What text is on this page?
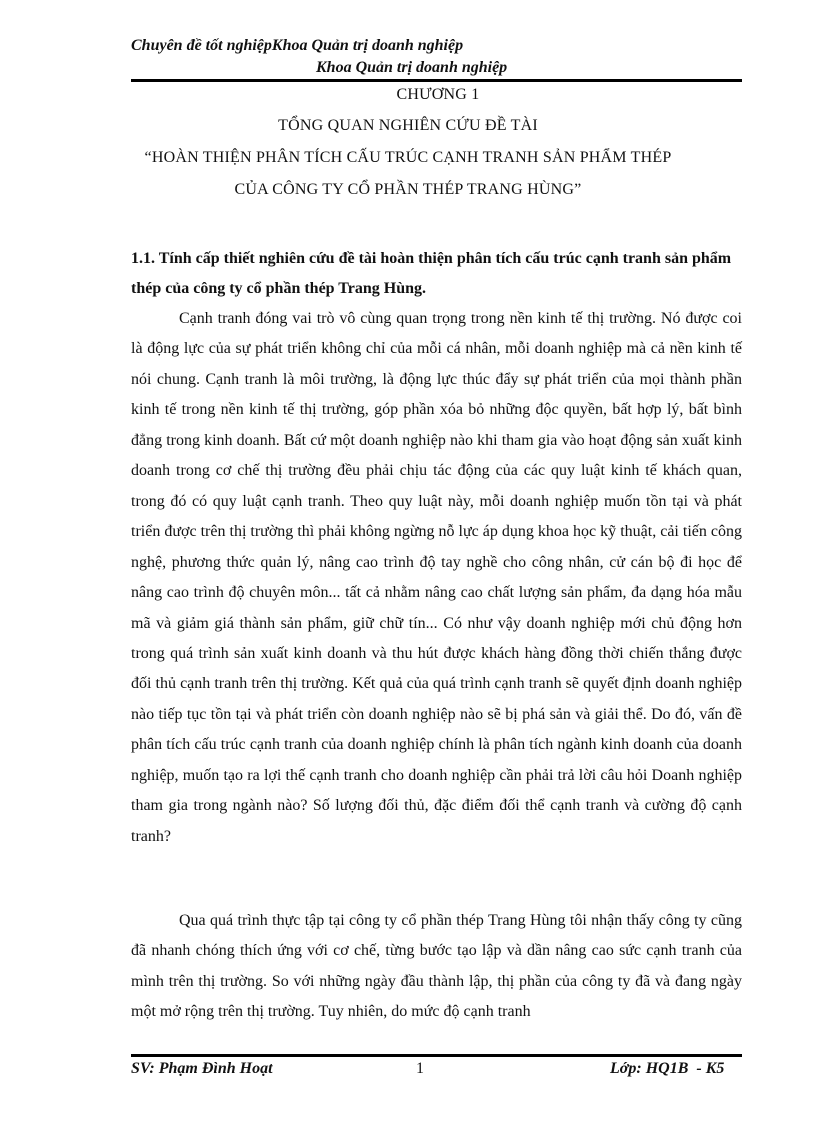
Chuyên đề tốt nghiệpKhoa Quản trị doanh nghiệp
Khoa Quản trị doanh nghiệp
CHƯƠNG 1
TỔNG QUAN NGHIÊN CỨU ĐỀ TÀI
“HOÀN THIỆN PHÂN TÍCH CẤU TRÚC CẠNH TRANH SẢN PHẨM THÉP
CỦA CÔNG TY CỔ PHẦN THÉP TRANG HÙNG”
1.1. Tính cấp thiết nghiên cứu đề tài hoàn thiện phân tích cấu trúc cạnh tranh sản phẩm thép của công ty cổ phần thép Trang Hùng.

Cạnh tranh đóng vai trò vô cùng quan trọng trong nền kinh tế thị trường. Nó được coi là động lực của sự phát triển không chỉ của mỗi cá nhân, mỗi doanh nghiệp mà cả nền kinh tế nói chung. Cạnh tranh là môi trường, là động lực thúc đẩy sự phát triển của mọi thành phần kinh tế trong nền kinh tế thị trường, góp phần xóa bỏ những độc quyền, bất hợp lý, bất bình đẳng trong kinh doanh. Bất cứ một doanh nghiệp nào khi tham gia vào hoạt động sản xuất kinh doanh trong cơ chế thị trường đều phải chịu tác động của các quy luật kinh tế khách quan, trong đó có quy luật cạnh tranh. Theo quy luật này, mỗi doanh nghiệp muốn tồn tại và phát triển được trên thị trường thì phải không ngừng nỗ lực áp dụng khoa học kỹ thuật, cải tiến công nghệ, phương thức quản lý, nâng cao trình độ tay nghề cho công nhân, cử cán bộ đi học để nâng cao trình độ chuyên môn... tất cả nhằm nâng cao chất lượng sản phẩm, đa dạng hóa mẫu mã và giảm giá thành sản phẩm, giữ chữ tín... Có như vậy doanh nghiệp mới chủ động hơn trong quá trình sản xuất kinh doanh và thu hút được khách hàng đồng thời chiến thắng được đối thủ cạnh tranh trên thị trường. Kết quả của quá trình cạnh tranh sẽ quyết định doanh nghiệp nào tiếp tục tồn tại và phát triển còn doanh nghiệp nào sẽ bị phá sản và giải thể. Do đó, vấn đề phân tích cấu trúc cạnh tranh của doanh nghiệp chính là phân tích ngành kinh doanh của doanh nghiệp, muốn tạo ra lợi thế cạnh tranh cho doanh nghiệp cần phải trả lời câu hỏi Doanh nghiệp tham gia trong ngành nào? Số lượng đối thủ, đặc điểm đối thể cạnh tranh và cường độ cạnh tranh?

Qua quá trình thực tập tại công ty cổ phần thép Trang Hùng tôi nhận thấy công ty cũng đã nhanh chóng thích ứng với cơ chế, từng bước tạo lập và dần nâng cao sức cạnh tranh của mình trên thị trường. So với những ngày đầu thành lập, thị phần của công ty đã và đang ngày một mở rộng trên thị trường. Tuy nhiên, do mức độ cạnh tranh

SV: Phạm Đình Hoạt	1	Lớp: HQ1B  - K5
